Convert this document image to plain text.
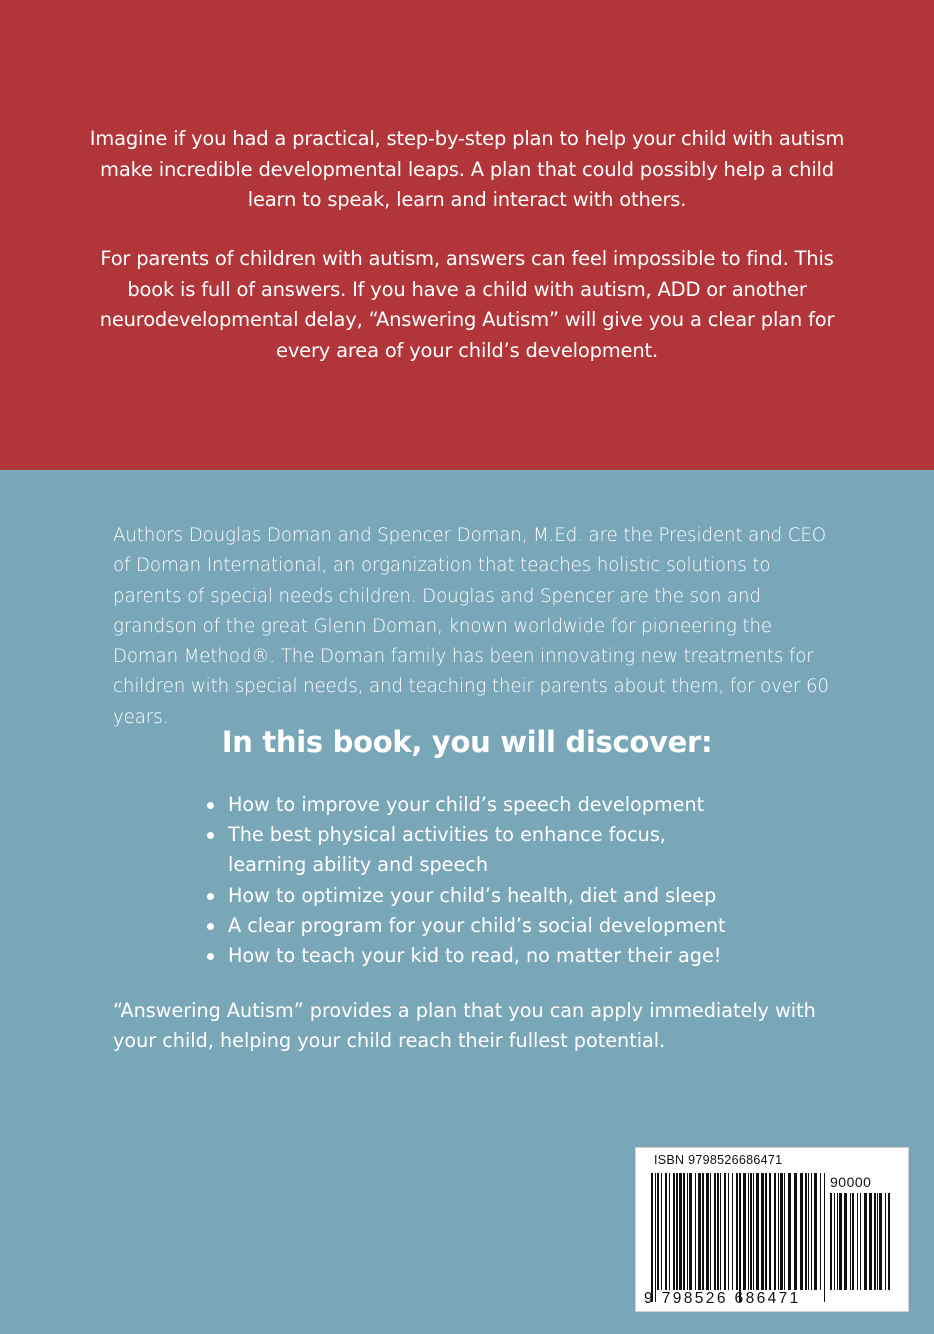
Imagine if you had a practical, step-by-step plan to help your child with autism make incredible developmental leaps. A plan that could possibly help a child learn to speak, learn and interact with others.

For parents of children with autism, answers can feel impossible to find. This book is full of answers. If you have a child with autism, ADD or another neurodevelopmental delay, “Answering Autism” will give you a clear plan for every area of your child’s development.

Authors Douglas Doman and Spencer Doman, M.Ed. are the President and CEO of Doman International, an organization that teaches holistic solutions to parents of special needs children. Douglas and Spencer are the son and grandson of the great Glenn Doman, known worldwide for pioneering the Doman Method®. The Doman family has been innovating new treatments for children with special needs, and teaching their parents about them, for over 60 years.

In this book, you will discover:
How to improve your child’s speech development
The best physical activities to enhance focus, learning ability and speech
How to optimize your child’s health, diet and sleep
A clear program for your child’s social development
How to teach your kid to read, no matter their age!

“Answering Autism” provides a plan that you can apply immediately with your child, helping your child reach their fullest potential.

ISBN 9798526686471
90000
9 798526 686471
